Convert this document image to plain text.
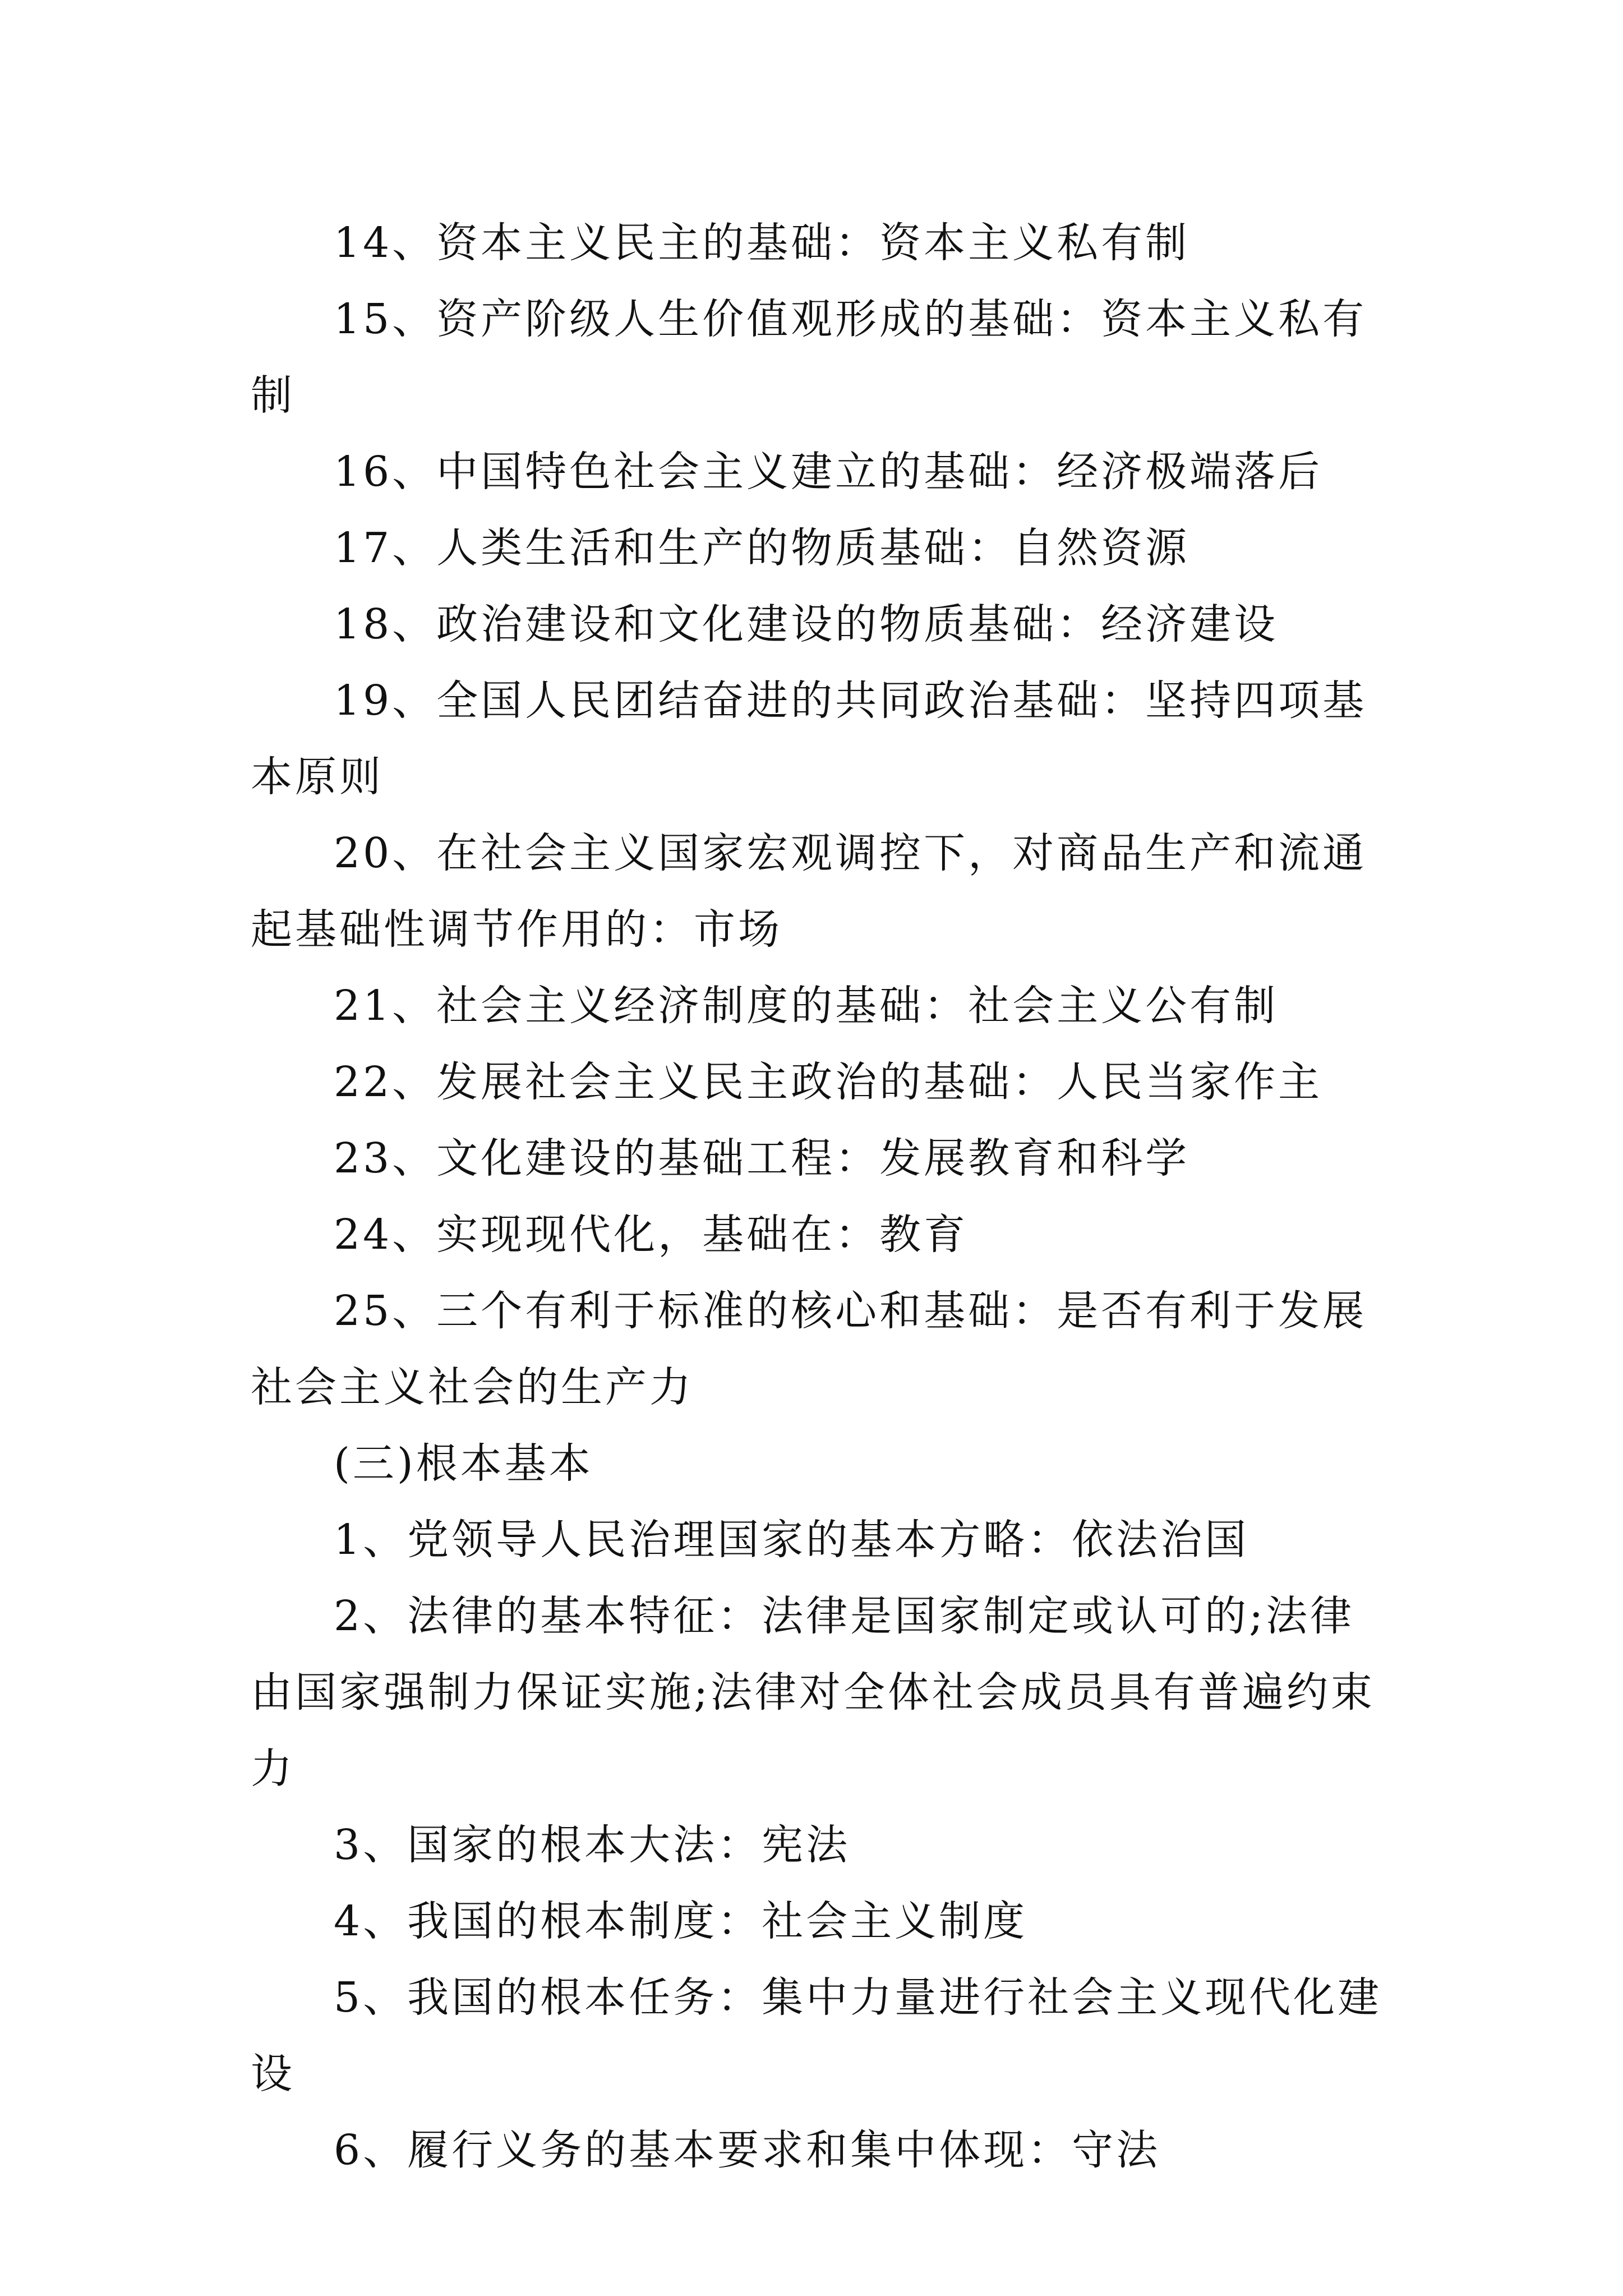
14、资本主义民主的基础：资本主义私有制

15、资产阶级人生价值观形成的基础：资本主义私有制

16、中国特色社会主义建立的基础：经济极端落后

17、人类生活和生产的物质基础：自然资源

18、政治建设和文化建设的物质基础：经济建设

19、全国人民团结奋进的共同政治基础：坚持四项基本原则

20、在社会主义国家宏观调控下，对商品生产和流通起基础性调节作用的：市场

21、社会主义经济制度的基础：社会主义公有制

22、发展社会主义民主政治的基础：人民当家作主

23、文化建设的基础工程：发展教育和科学

24、实现现代化，基础在：教育

25、三个有利于标准的核心和基础：是否有利于发展社会主义社会的生产力

(三)根本基本

1、党领导人民治理国家的基本方略：依法治国

2、法律的基本特征：法律是国家制定或认可的;法律由国家强制力保证实施;法律对全体社会成员具有普遍约束力

3、国家的根本大法：宪法

4、我国的根本制度：社会主义制度

5、我国的根本任务：集中力量进行社会主义现代化建设

6、履行义务的基本要求和集中体现：守法
